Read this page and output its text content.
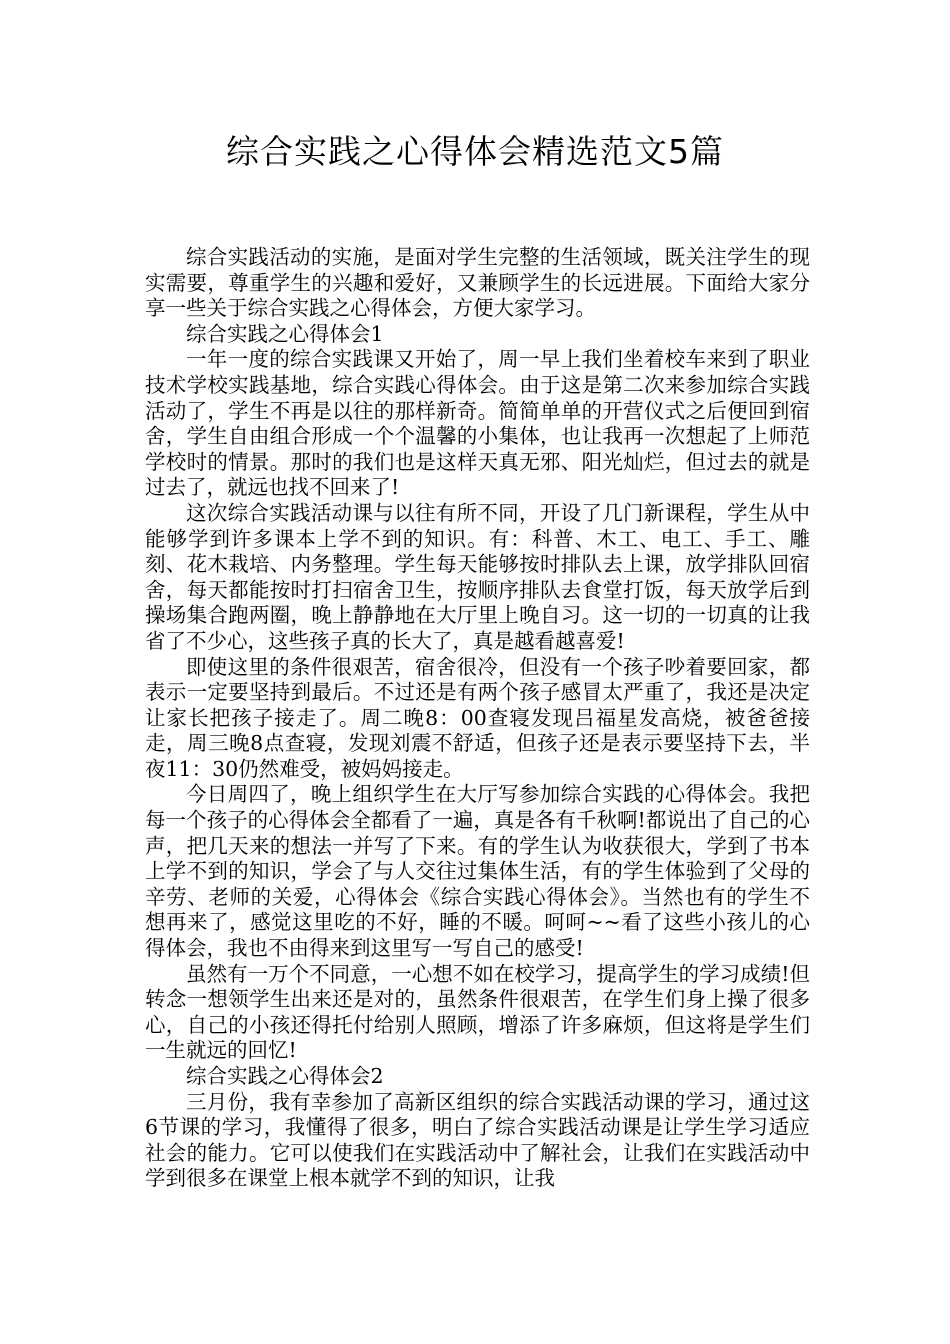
综合实践之心得体会精选范文5篇

综合实践活动的实施，是面对学生完整的生活领域，既关注学生的现实需要，尊重学生的兴趣和爱好，又兼顾学生的长远进展。下面给大家分享一些关于综合实践之心得体会，方便大家学习。

综合实践之心得体会1

一年一度的综合实践课又开始了，周一早上我们坐着校车来到了职业技术学校实践基地，综合实践心得体会。由于这是第二次来参加综合实践活动了，学生不再是以往的那样新奇。简简单单的开营仪式之后便回到宿舍，学生自由组合形成一个个温馨的小集体，也让我再一次想起了上师范学校时的情景。那时的我们也是这样天真无邪、阳光灿烂，但过去的就是过去了，就远也找不回来了!

这次综合实践活动课与以往有所不同，开设了几门新课程，学生从中能够学到许多课本上学不到的知识。有：科普、木工、电工、手工、雕刻、花木栽培、内务整理。学生每天能够按时排队去上课，放学排队回宿舍，每天都能按时打扫宿舍卫生，按顺序排队去食堂打饭，每天放学后到操场集合跑两圈，晚上静静地在大厅里上晚自习。这一切的一切真的让我省了不少心，这些孩子真的长大了，真是越看越喜爱!

即使这里的条件很艰苦，宿舍很冷，但没有一个孩子吵着要回家，都表示一定要坚持到最后。不过还是有两个孩子感冒太严重了，我还是决定让家长把孩子接走了。周二晚8：00查寝发现吕福星发高烧，被爸爸接走，周三晚8点查寝，发现刘震不舒适，但孩子还是表示要坚持下去，半夜11：30仍然难受，被妈妈接走。

今日周四了，晚上组织学生在大厅写参加综合实践的心得体会。我把每一个孩子的心得体会全都看了一遍，真是各有千秋啊!都说出了自己的心声，把几天来的想法一并写了下来。有的学生认为收获很大，学到了书本上学不到的知识，学会了与人交往过集体生活，有的学生体验到了父母的辛劳、老师的关爱，心得体会《综合实践心得体会》。当然也有的学生不想再来了，感觉这里吃的不好，睡的不暖。呵呵~~看了这些小孩儿的心得体会，我也不由得来到这里写一写自己的感受!

虽然有一万个不同意，一心想不如在校学习，提高学生的学习成绩!但转念一想领学生出来还是对的，虽然条件很艰苦，在学生们身上操了很多心，自己的小孩还得托付给别人照顾，增添了许多麻烦，但这将是学生们一生就远的回忆!

综合实践之心得体会2

三月份，我有幸参加了高新区组织的综合实践活动课的学习，通过这6节课的学习，我懂得了很多，明白了综合实践活动课是让学生学习适应社会的能力。它可以使我们在实践活动中了解社会，让我们在实践活动中学到很多在课堂上根本就学不到的知识，让我
